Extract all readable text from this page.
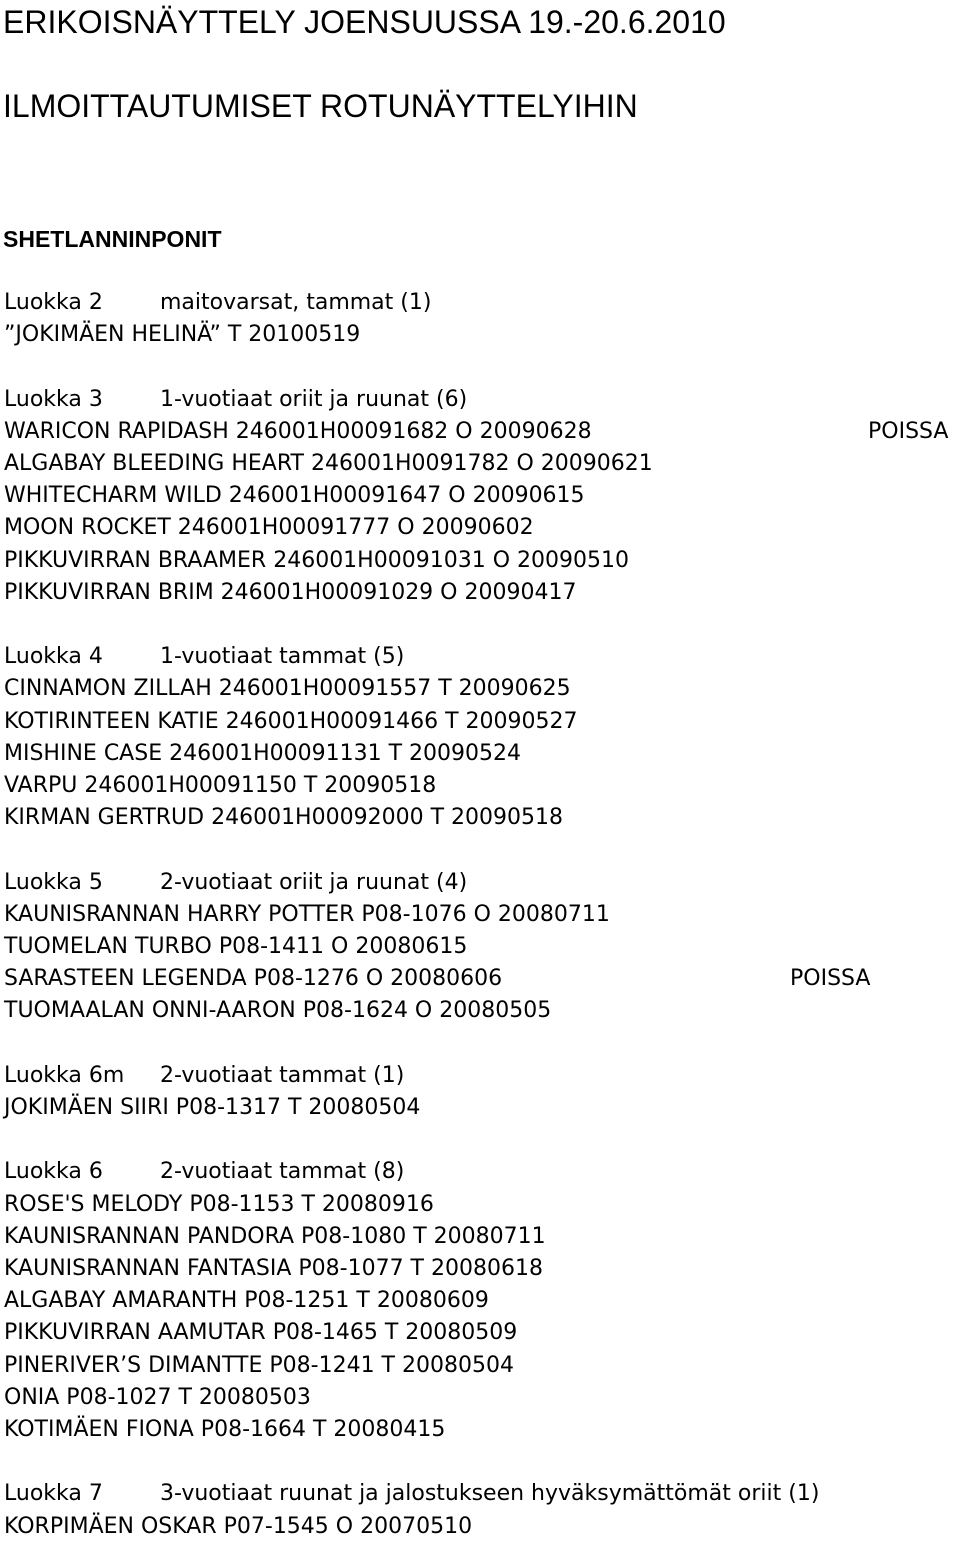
ERIKOISNÄYTTELY JOENSUUSSA 19.-20.6.2010
ILMOITTAUTUMISET ROTUNÄYTTELYIHIN
SHETLANNINPONIT
Luokka 2	maitovarsat, tammat (1)
”JOKIMÄEN HELINÄ” T 20100519
Luokka 3	1-vuotiaat oriit ja ruunat (6)
WARICON RAPIDASH 246001H00091682 O 20090628	POISSA
ALGABAY BLEEDING HEART 246001H0091782 O 20090621
WHITECHARM WILD 246001H00091647 O 20090615
MOON ROCKET 246001H00091777 O 20090602
PIKKUVIRRAN BRAAMER 246001H00091031 O 20090510
PIKKUVIRRAN BRIM 246001H00091029 O 20090417
Luokka 4	1-vuotiaat tammat (5)
CINNAMON ZILLAH 246001H00091557 T 20090625
KOTIRINTEEN KATIE 246001H00091466 T 20090527
MISHINE CASE 246001H00091131 T 20090524
VARPU 246001H00091150 T 20090518
KIRMAN GERTRUD 246001H00092000 T 20090518
Luokka 5	2-vuotiaat oriit ja ruunat (4)
KAUNISRANNAN HARRY POTTER P08-1076 O 20080711
TUOMELAN TURBO P08-1411 O 20080615
SARASTEEN LEGENDA P08-1276 O 20080606	POISSA
TUOMAALAN ONNI-AARON P08-1624 O 20080505
Luokka 6m 2-vuotiaat tammat (1)
JOKIMÄEN SIIRI P08-1317 T 20080504
Luokka 6	2-vuotiaat tammat (8)
ROSE'S MELODY P08-1153 T 20080916
KAUNISRANNAN PANDORA P08-1080 T 20080711
KAUNISRANNAN FANTASIA P08-1077 T 20080618
ALGABAY AMARANTH P08-1251 T 20080609
PIKKUVIRRAN AAMUTAR P08-1465 T 20080509
PINERIVER’S DIMANTTE P08-1241 T 20080504
ONIA P08-1027 T 20080503
KOTIMÄEN FIONA P08-1664 T 20080415
Luokka 7	3-vuotiaat ruunat ja jalostukseen hyväksymättömät oriit (1)
KORPIMÄEN OSKAR P07-1545 O 20070510
